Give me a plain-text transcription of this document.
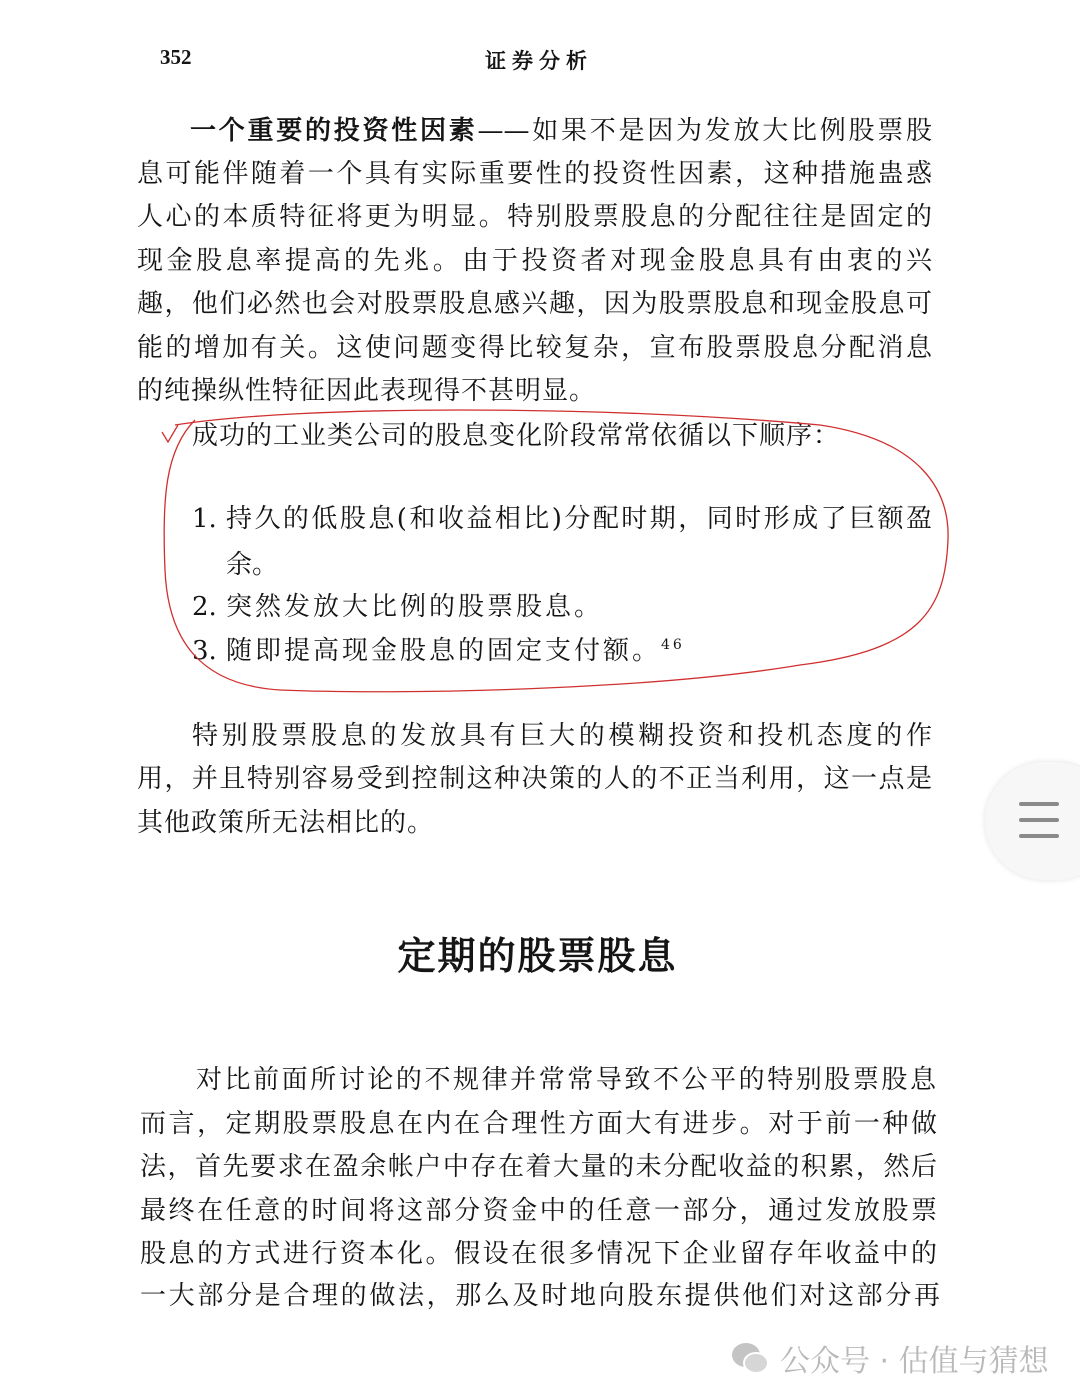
352	证券分析
一个重要的投资性因素——如果不是因为发放大比例股票股
息可能伴随着一个具有实际重要性的投资性因素，这种措施蛊惑
人心的本质特征将更为明显。特别股票股息的分配往往是固定的
现金股息率提高的先兆。由于投资者对现金股息具有由衷的兴
趣，他们必然也会对股票股息感兴趣，因为股票股息和现金股息可
能的增加有关。这使问题变得比较复杂，宣布股票股息分配消息
的纯操纵性特征因此表现得不甚明显。
成功的工业类公司的股息变化阶段常常依循以下顺序：
1. 持久的低股息(和收益相比)分配时期，同时形成了巨额盈
余。
2. 突然发放大比例的股票股息。
3. 随即提高现金股息的固定支付额。$^{46}$
特别股票股息的发放具有巨大的模糊投资和投机态度的作
用，并且特别容易受到控制这种决策的人的不正当利用，这一点是
其他政策所无法相比的。
定期的股票股息
对比前面所讨论的不规律并常常导致不公平的特别股票股息
而言，定期股票股息在内在合理性方面大有进步。对于前一种做
法，首先要求在盈余帐户中存在着大量的未分配收益的积累，然后
最终在任意的时间将这部分资金中的任意一部分，通过发放股票
股息的方式进行资本化。假设在很多情况下企业留存年收益中的
一大部分是合理的做法，那么及时地向股东提供他们对这部分再
公众号 · 估值与猜想
